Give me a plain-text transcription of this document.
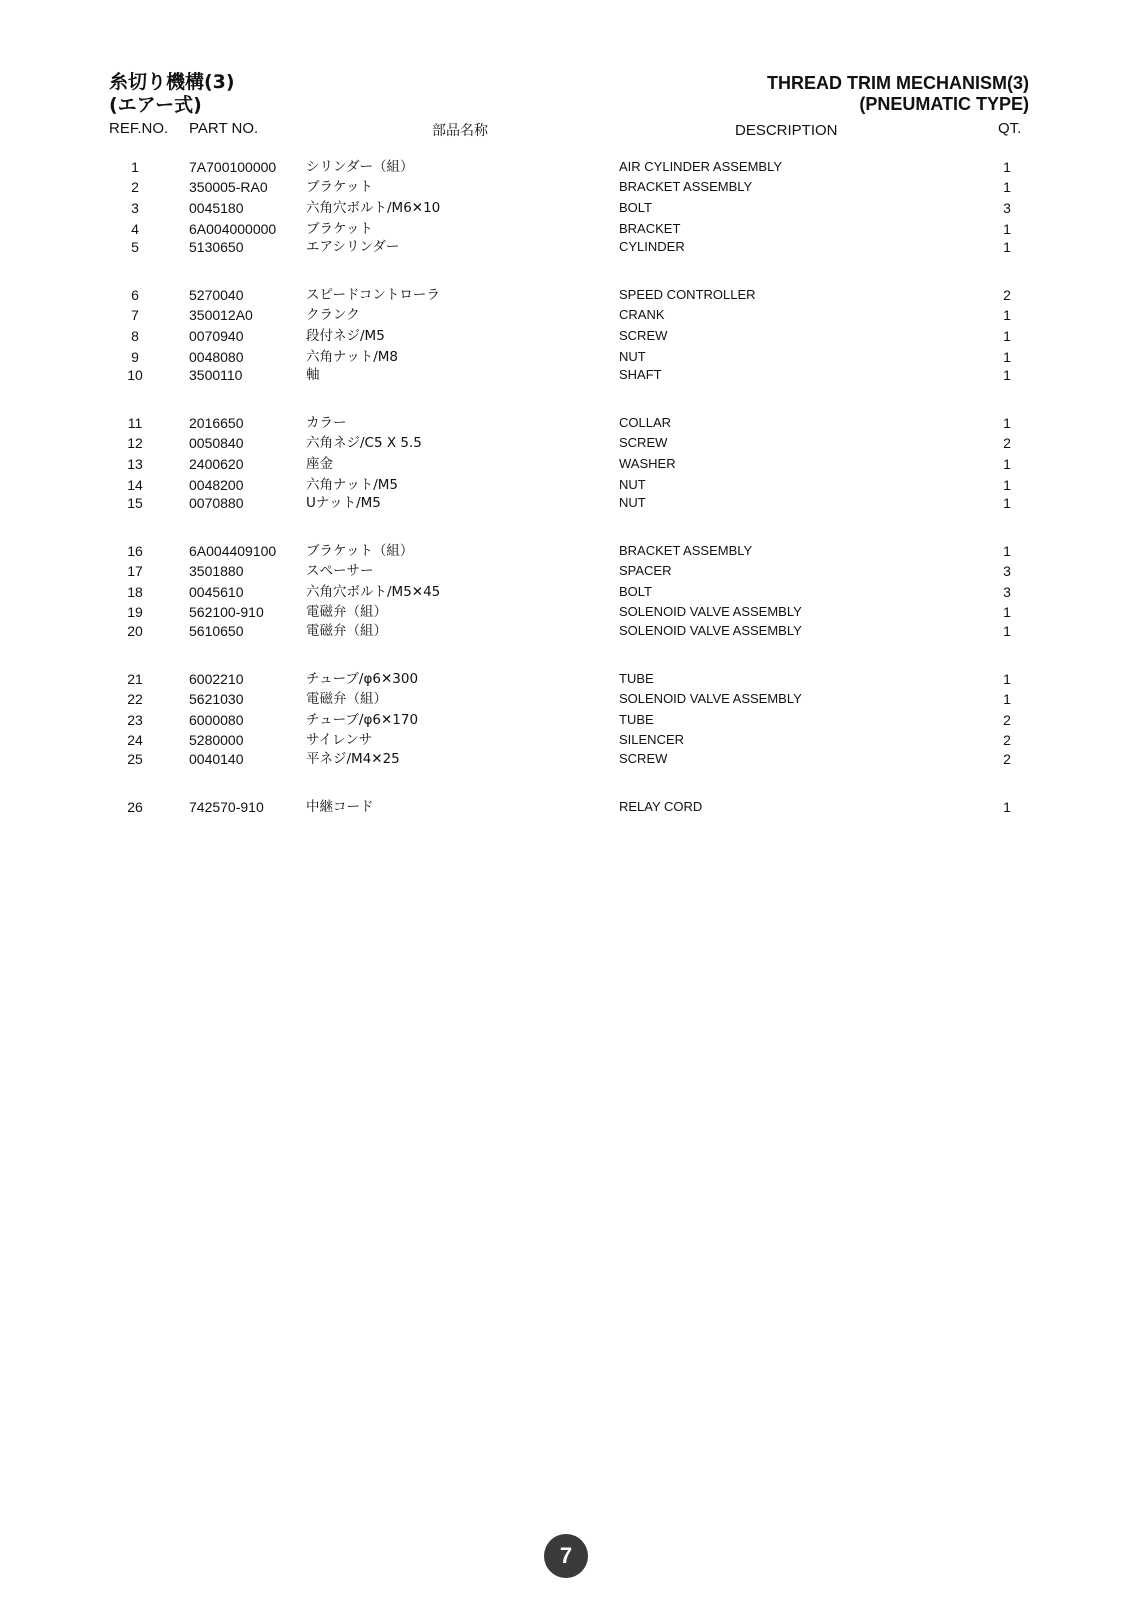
糸切り機構(3)
(エアー式)
THREAD TRIM MECHANISM(3)
(PNEUMATIC TYPE)
REF.NO. PART NO.	部品名称	DESCRIPTION	QT.
1	7A700100000 シリンダー（組）	AIR CYLINDER ASSEMBLY	1
2	350005-RA0	ブラケット	BRACKET ASSEMBLY	1
3	0045180	六角穴ボルト/M6✕10	BOLT	3
4	6A004000000 ブラケット	BRACKET	1
5	5130650	エアシリンダー	CYLINDER	1
6	5270040	スピードコントローラ	SPEED CONTROLLER	2
7	350012A0	クランク	CRANK	1
8	0070940	段付ネジ/M5	SCREW	1
9	0048080	六角ナット/M8	NUT	1
10	3500110	軸	SHAFT	1
11	2016650	カラー	COLLAR	1
12	0050840	六角ネジ/C5 X 5.5	SCREW	2
13	2400620	座金	WASHER	1
14	0048200	六角ナット/M5	NUT	1
15	0070880	Uナット/M5	NUT	1
16	6A004409100 ブラケット（組）	BRACKET ASSEMBLY	1
17	3501880	スペーサー	SPACER	3
18	0045610	六角穴ボルト/M5✕45	BOLT	3
19	562100-910	電磁弁（組）	SOLENOID VALVE ASSEMBLY	1
20	5610650	電磁弁（組）	SOLENOID VALVE ASSEMBLY	1
21	6002210	チューブ/φ6✕300	TUBE	1
22	5621030	電磁弁（組）	SOLENOID VALVE ASSEMBLY	1
23	6000080	チューブ/φ6✕170	TUBE	2
24	5280000	サイレンサ	SILENCER	2
25	0040140	平ネジ/M4✕25	SCREW	2
26	742570-910	中継コード	RELAY CORD	1
7
